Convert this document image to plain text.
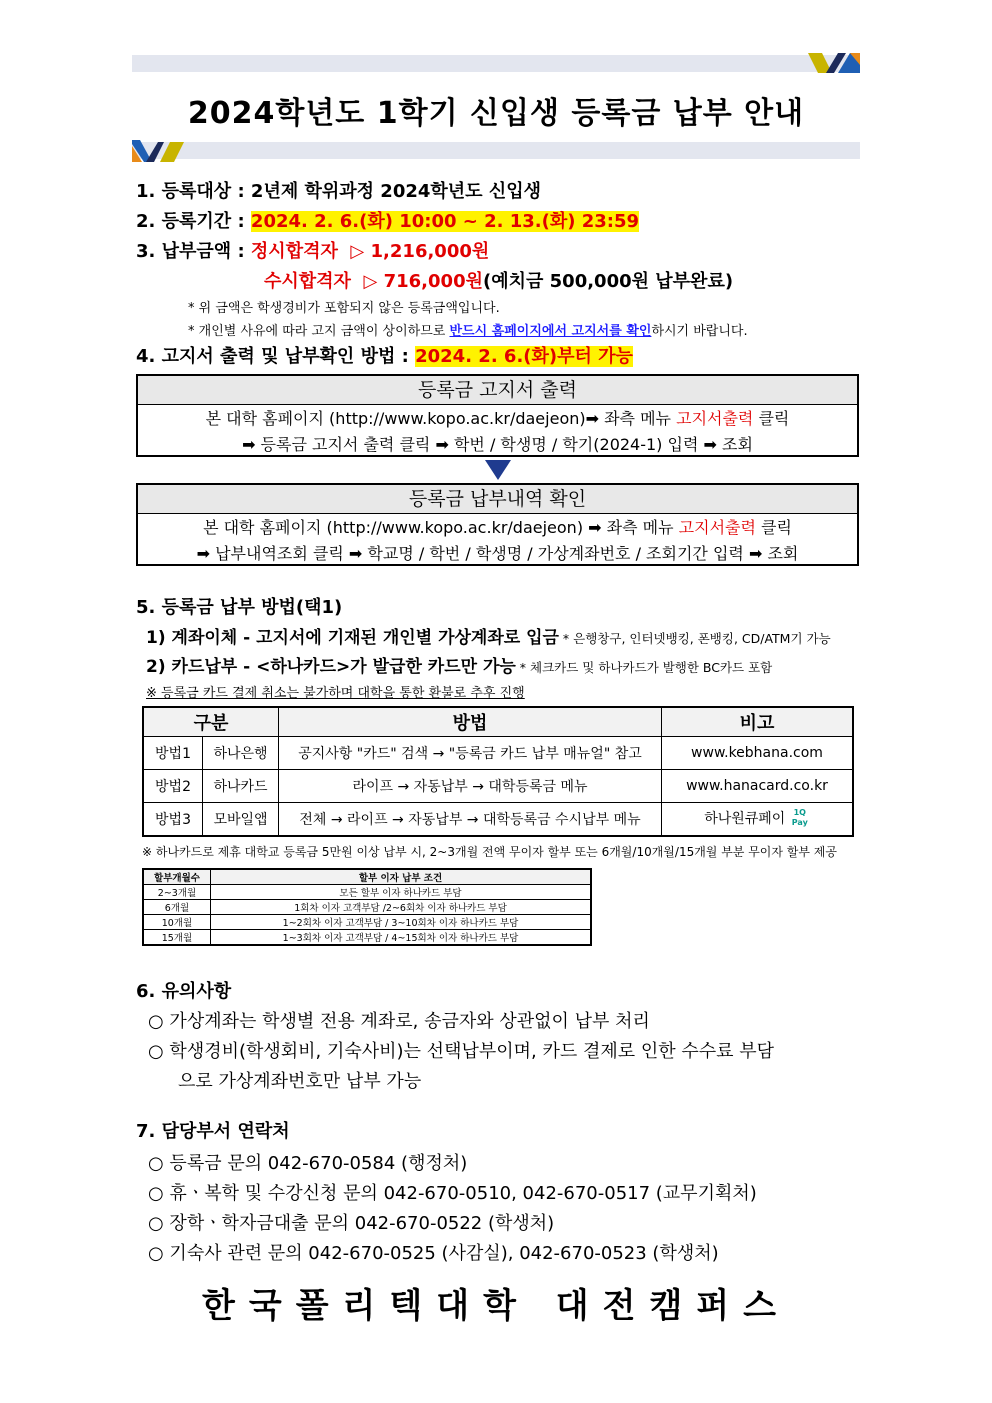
2024학년도 1학기 신입생 등록금 납부 안내
1. 등록대상 : 2년제 학위과정 2024학년도 신입생
2. 등록기간 : 2024. 2. 6.(화) 10:00 ~ 2. 13.(화) 23:59
3. 납부금액 : 정시합격자 ▷ 1,216,000원
수시합격자 ▷ 716,000원(예치금 500,000원 납부완료)
* 위 금액은 학생경비가 포함되지 않은 등록금액입니다.
* 개인별 사유에 따라 고지 금액이 상이하므로 반드시 홈페이지에서 고지서를 확인하시기 바랍니다.
4. 고지서 출력 및 납부확인 방법 : 2024. 2. 6.(화)부터 가능
등록금 고지서 출력
본 대학 홈페이지 (http://www.kopo.ac.kr/daejeon)➡ 좌측 메뉴 고지서출력 클릭
➡ 등록금 고지서 출력 클릭 ➡ 학번 / 학생명 / 학기(2024-1) 입력 ➡ 조회
등록금 납부내역 확인
본 대학 홈페이지 (http://www.kopo.ac.kr/daejeon) ➡ 좌측 메뉴 고지서출력 클릭
➡ 납부내역조회 클릭 ➡ 학교명 / 학번 / 학생명 / 가상계좌번호 / 조회기간 입력 ➡ 조회
5. 등록금 납부 방법(택1)
1) 계좌이체 - 고지서에 기재된 개인별 가상계좌로 입금 * 은행창구, 인터넷뱅킹, 폰뱅킹, CD/ATM기 가능
2) 카드납부 - <하나카드>가 발급한 카드만 가능 * 체크카드 및 하나카드가 발행한 BC카드 포함
※ 등록금 카드 결제 취소는 불가하며 대학을 통한 환불로 추후 진행
구분		방법	비고
방법1	하나은행	공지사항 "카드" 검색 → "등록금 카드 납부 매뉴얼" 참고	www.kebhana.com
방법2	하나카드	라이프 → 자동납부 → 대학등록금 메뉴	www.hanacard.co.kr
방법3	모바일앱	전체 → 라이프 → 자동납부 → 대학등록금 수시납부 메뉴	하나원큐페이 1Q
Pay
※ 하나카드로 제휴 대학교 등록금 5만원 이상 납부 시, 2~3개월 전액 무이자 할부 또는 6개월/10개월/15개월 부분 무이자 할부 제공
할부개월수	할부 이자 납부 조건
2~3개월	모든 할부 이자 하나카드 부담
6개월	1회차 이자 고객부담 /2~6회차 이자 하나카드 부담
10개월	1~2회차 이자 고객부담 / 3~10회차 이자 하나카드 부담
15개월	1~3회차 이자 고객부담 / 4~15회차 이자 하나카드 부담
6. 유의사항
○ 가상계좌는 학생별 전용 계좌로, 송금자와 상관없이 납부 처리
○ 학생경비(학생회비, 기숙사비)는 선택납부이며, 카드 결제로 인한 수수료 부담
으로 가상계좌번호만 납부 가능
7. 담당부서 연락처
○ 등록금 문의 042-670-0584 (행정처)
○ 휴ㆍ복학 및 수강신청 문의 042-670-0510, 042-670-0517 (교무기획처)
○ 장학ㆍ학자금대출 문의 042-670-0522 (학생처)
○ 기숙사 관련 문의 042-670-0525 (사감실), 042-670-0523 (학생처)
한국폴리텍대학 대전캠퍼스
